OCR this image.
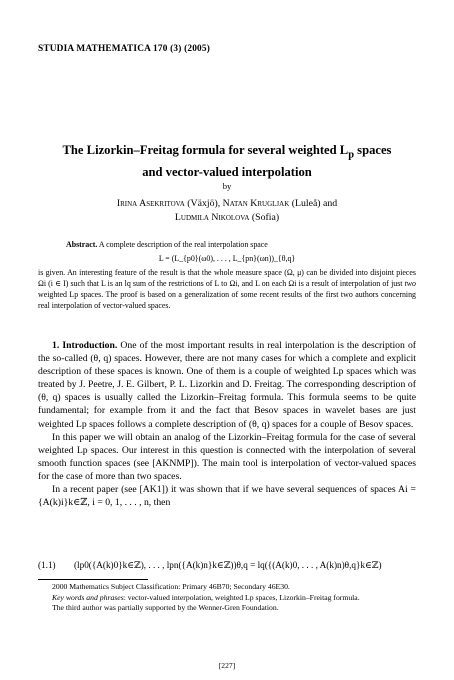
STUDIA MATHEMATICA 170 (3) (2005)
The Lizorkin–Freitag formula for several weighted $L_p$ spaces
and vector-valued interpolation
by
Irina Asekritova (Växjö), Natan Krugljak (Luleå) and
Ludmila Nikolova (Sofia)
Abstract. A complete description of the real interpolation space
L = (L_{p0}(ω0), . . . , L_{pn}(ωn))_{θ,q}
is given. An interesting feature of the result is that the whole measure space (Ω, μ) can be divided into disjoint pieces Ωi (i ∈ I) such that L is an lq sum of the restrictions of L to Ωi, and L on each Ωi is a result of interpolation of just two weighted Lp spaces. The proof is based on a generalization of some recent results of the first two authors concerning real interpolation of vector-valued spaces.

1. Introduction. One of the most important results in real interpolation is the description of the so-called (θ, q) spaces. However, there are not many cases for which a complete and explicit description of these spaces is known. One of them is a couple of weighted Lp spaces which was treated by J. Peetre, J. E. Gilbert, P. L. Lizorkin and D. Freitag. The corresponding description of (θ, q) spaces is usually called the Lizorkin–Freitag formula. This formula seems to be quite fundamental; for example from it and the fact that Besov spaces in wavelet bases are just weighted Lp spaces follows a complete description of (θ, q) spaces for a couple of Besov spaces.

In this paper we will obtain an analog of the Lizorkin–Freitag formula for the case of several weighted Lp spaces. Our interest in this question is connected with the interpolation of several smooth function spaces (see [AKNMP]). The main tool is interpolation of vector-valued spaces for the case of more than two spaces.

In a recent paper (see [AK1]) it was shown that if we have several sequences of spaces Ai = {A(k)i}k∈ℤ, i = 0, 1, . . . , n, then

(1.1) (lp0({A(k)0}k∈ℤ), . . . , lpn({A(k)n}k∈ℤ))θ,q = lq({(A(k)0, . . . , A(k)n)θ,q}k∈ℤ)

2000 Mathematics Subject Classification: Primary 46B70; Secondary 46E30.

Key words and phrases: vector-valued interpolation, weighted Lp spaces, Lizorkin–Freitag formula.

The third author was partially supported by the Wenner-Gren Foundation.

[227]
